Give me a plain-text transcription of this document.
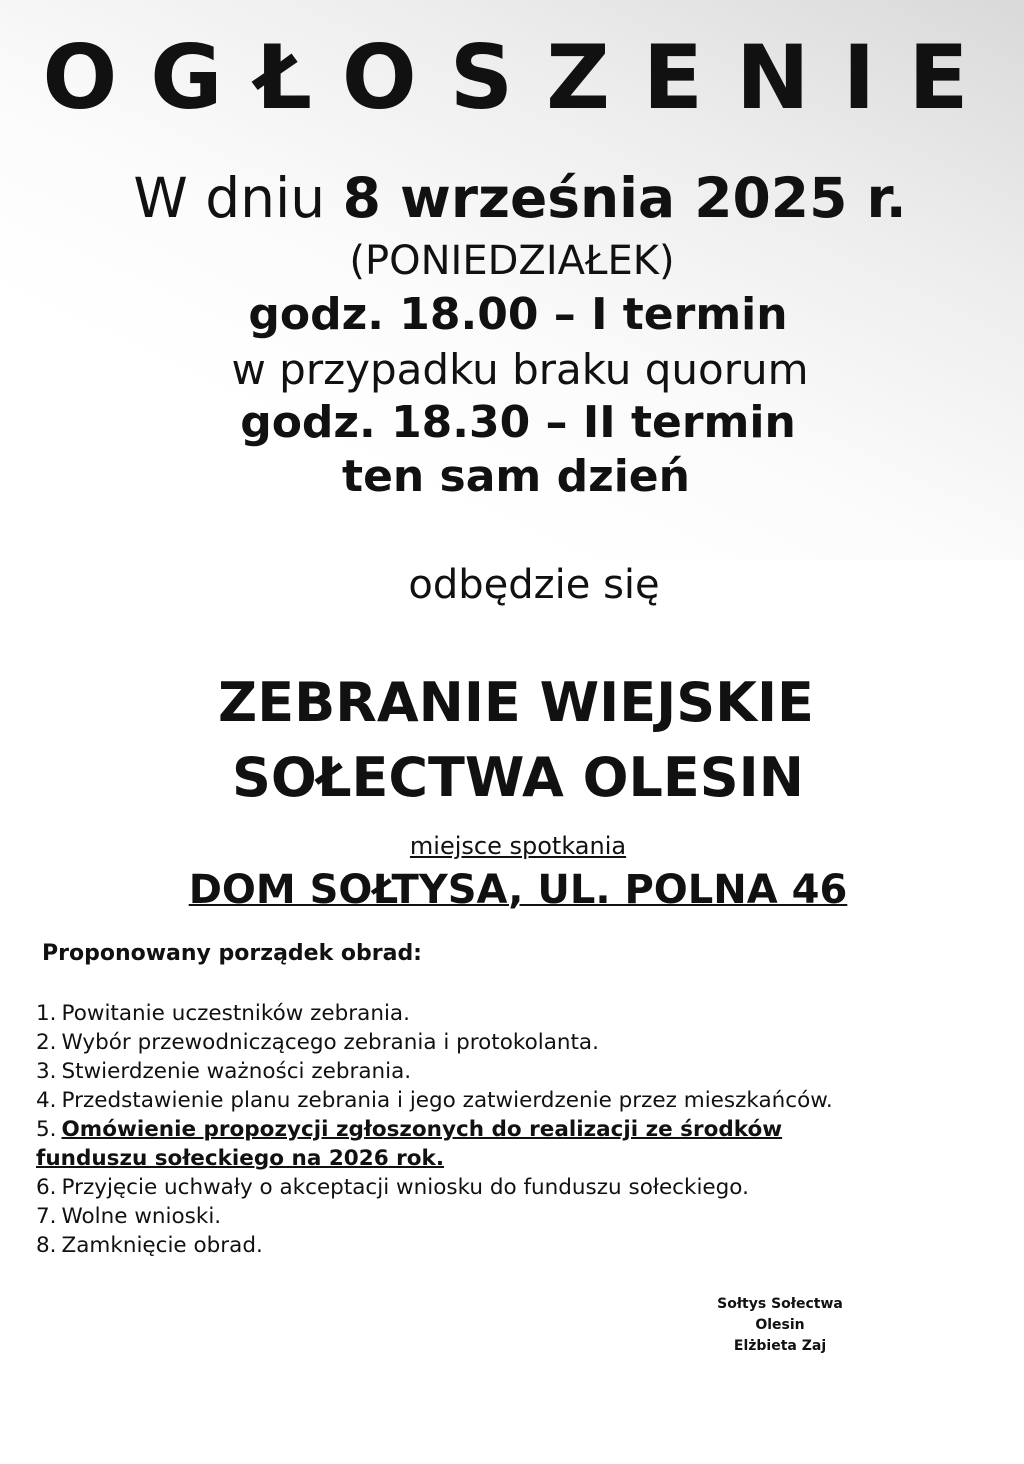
OGŁOSZENIE
W dniu 8 września 2025 r.
(PONIEDZIAŁEK)
godz. 18.00 – I termin
w przypadku braku quorum
godz. 18.30 – II termin
ten sam dzień
odbędzie się
ZEBRANIE WIEJSKIE
SOŁECTWA OLESIN
miejsce spotkania
DOM SOŁTYSA, UL. POLNA 46
Proponowany porządek obrad:
1. Powitanie uczestników zebrania.
2. Wybór przewodniczącego zebrania i protokolanta.
3. Stwierdzenie ważności zebrania.
4. Przedstawienie planu zebrania i jego zatwierdzenie przez mieszkańców.
5. Omówienie propozycji zgłoszonych do realizacji ze środków
funduszu sołeckiego na 2026 rok.
6. Przyjęcie uchwały o akceptacji wniosku do funduszu sołeckiego.
7. Wolne wnioski.
8. Zamknięcie obrad.
Sołtys Sołectwa
Olesin
Elżbieta Zaj
